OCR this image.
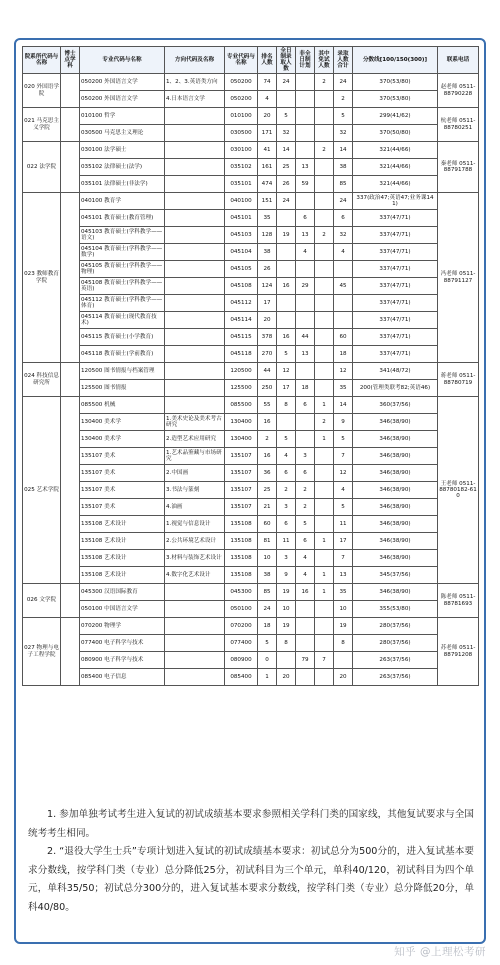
院系所代码与名称	博士点学科	专业代码与名称	方向代码及名称	专业代码与名称	排名人数	全日制录取人数	非全日制计划	其中免试人数	录取人数合计	分数线[100/150(300)]	联系电话
020 外国语学院		050200 外国语言文学	1、2、3.英语类方向	050200	74	24		2	24	370(53/80)	赵老师 0511-88790228
		050200 外国语言文学	4.日本语言文学	050200	4				2	370(53/80)	
021 马克思主义学院		010100 哲学		010100	20	5			5	299(41/62)	杭老师 0511-88780251
		030500 马克思主义理论		030500	171	32			32	370(50/80)	
022 法学院		030100 法学硕士		030100	41	14		2	14	321(44/66)	秦老师 0511-88791788
		035102 法律硕士(法学)		035102	161	25	13		38	321(44/66)	
		035101 法律硕士(非法学)		035101	474	26	59		85	321(44/66)	
023 教师教育学院		040100 教育学		040100	151	24			24	337(政治47;英语47;业务课141)	冯老师 0511-88791127
		045101 教育硕士(教育管理)		045101	35		6		6	337(47/71)	
		045103 教育硕士(学科教学——语文)		045103	128	19	13	2	32	337(47/71)	
		045104 教育硕士(学科教学——数学)		045104	38		4		4	337(47/71)	
		045105 教育硕士(学科教学——物理)		045105	26					337(47/71)	
		045108 教育硕士(学科教学——英语)		045108	124	16	29		45	337(47/71)	
		045112 教育硕士(学科教学——体育)		045112	17					337(47/71)	
		045114 教育硕士(现代教育技术)		045114	20					337(47/71)	
		045115 教育硕士(小学教育)		045115	378	16	44		60	337(47/71)	
		045118 教育硕士(学前教育)		045118	270	5	13		18	337(47/71)	
024 科技信息研究所		120500 图书情报与档案管理		120500	44	12			12	341(48/72)	蒋老师 0511-88780719
		125500 图书情报		125500	250	17	18		35	200(管理类联考82;英语46)	
025 艺术学院		085500 机械		085500	55	8	6	1	14	360(37/56)	王老师 0511-88780182-610
		130400 美术学	1.美术史论及美术考古研究	130400	16			2	9	346(38/90)	
		130400 美术学	2.造型艺术应用研究	130400	2	5		1	5	346(38/90)	
		135107 美术	1.艺术品鉴藏与市场研究	135107	16	4	3		7	346(38/90)	
		135107 美术	2.中国画	135107	36	6	6		12	346(38/90)	
		135107 美术	3.书法与篆刻	135107	25	2	2		4	346(38/90)	
		135107 美术	4.油画	135107	21	3	2		5	346(38/90)	
		135108 艺术设计	1.视觉与信息设计	135108	60	6	5		11	346(38/90)	
		135108 艺术设计	2.公共环境艺术设计	135108	81	11	6	1	17	346(38/90)	
		135108 艺术设计	3.材料与装饰艺术设计	135108	10	3	4		7	346(38/90)	
		135108 艺术设计	4.数字化艺术设计	135108	38	9	4	1	13	345(37/56)	
026 文学院		045300 汉语国际教育		045300	85	19	16	1	35	346(38/90)	陈老师 0511-88781693
		050100 中国语言文学		050100	24	10			10	355(53/80)	
027 物理与电子工程学院		070200 物理学		070200	18	19			19	280(37/56)	苏老师 0511-88791208
		077400 电子科学与技术		077400	5	8			8	280(37/56)	
		080900 电子科学与技术		080900	0		79	7		263(37/56)	
		085400 电子信息		085400	1	20			20	263(37/56)	

1. 参加单独考试考生进入复试的初试成绩基本要求参照相关学科门类的国家线，其他复试要求与全国统考考生相同。

2. “退役大学生士兵”专项计划进入复试的初试成绩基本要求：初试总分为500分的，进入复试基本要求分数线，按学科门类（专业）总分降低25分，初试科目为三个单元，单科40/120，初试科目为四个单元，单科35/50；初试总分300分的，进入复试基本要求分数线，按学科门类（专业）总分降低20分，单科40/80。

知乎 @上理松考研
